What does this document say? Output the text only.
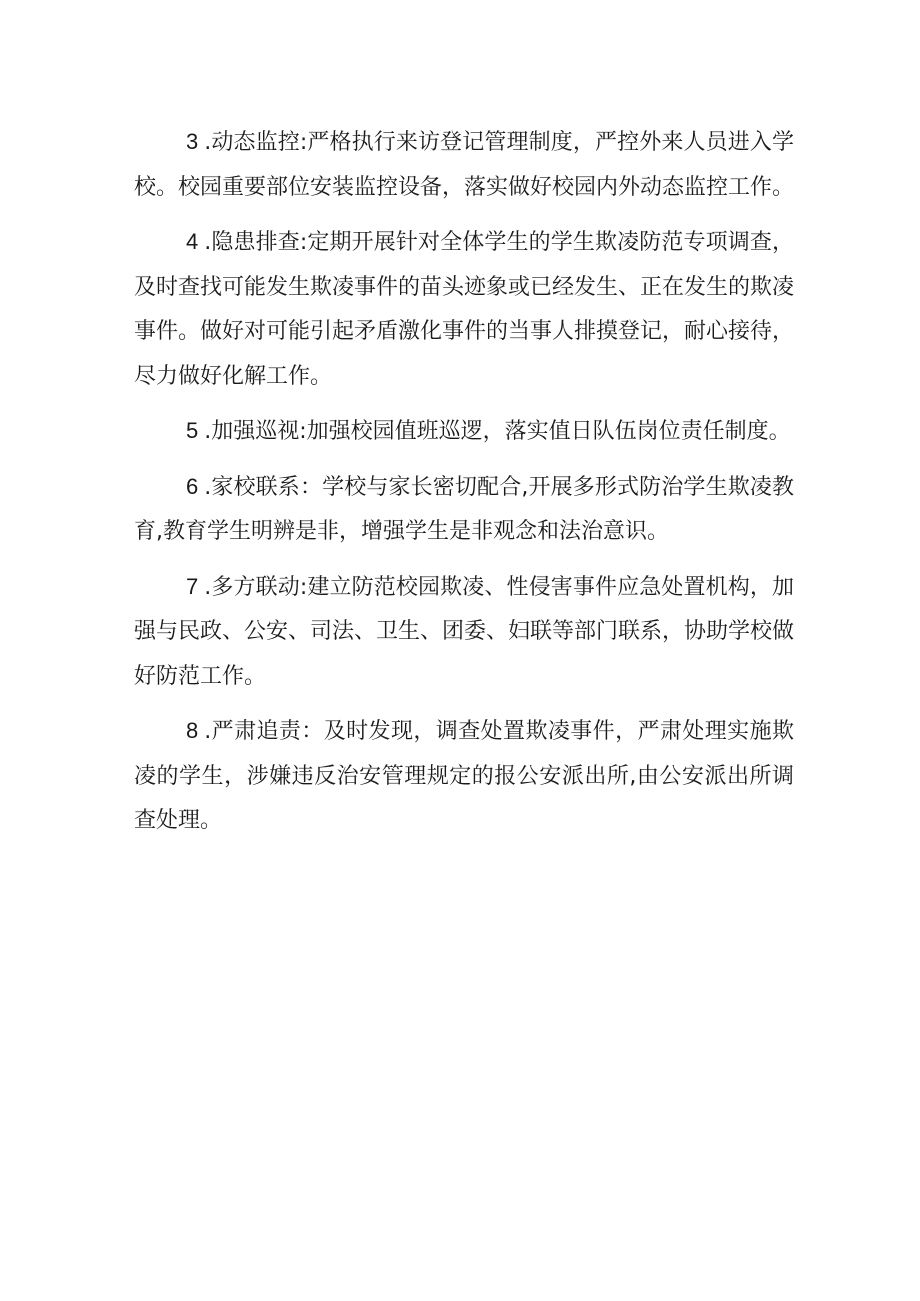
3.动态监控:严格执行来访登记管理制度，严控外来人员进入学校。校园重要部位安装监控设备，落实做好校园内外动态监控工作。

4.隐患排查:定期开展针对全体学生的学生欺凌防范专项调查，及时查找可能发生欺凌事件的苗头迹象或已经发生、正在发生的欺凌事件。做好对可能引起矛盾激化事件的当事人排摸登记，耐心接待，尽力做好化解工作。

5.加强巡视:加强校园值班巡逻，落实值日队伍岗位责任制度。

6.家校联系：学校与家长密切配合,开展多形式防治学生欺凌教育,教育学生明辨是非，增强学生是非观念和法治意识。

7.多方联动:建立防范校园欺凌、性侵害事件应急处置机构，加强与民政、公安、司法、卫生、团委、妇联等部门联系，协助学校做好防范工作。

8.严肃追责：及时发现，调查处置欺凌事件，严肃处理实施欺凌的学生，涉嫌违反治安管理规定的报公安派出所,由公安派出所调查处理。
